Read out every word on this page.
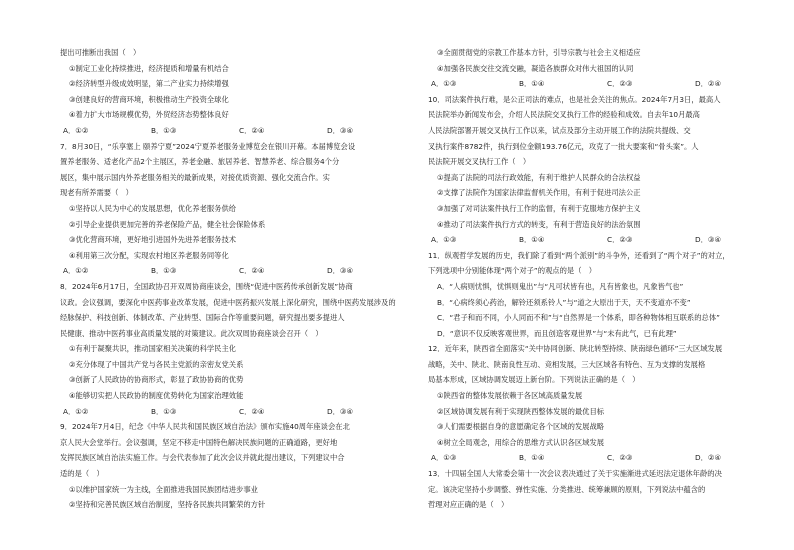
提出可推断出我国（　）
①制定工业化持续推进，经济提质和增量有机结合
②经济转型升级成效明显，第二产业实力持续增强
③创建良好的营商环境，积极推动生产投资全球化
④着力扩大市场规模优势，外贸经济态势整体良好
A．①②	B．①③	C．②④	D．③④
7．8月30日，“乐享塞上 颐养宁夏”2024宁夏养老服务业博览会在银川开幕。本届博览会设
置养老服务、适老化产品2个主展区，养老金融、旅居养老、智慧养老、综合服务4个分
展区，集中展示国内外养老服务相关的最新成果，对接优质资源、强化交流合作。实
现老有所养需要（　）
①坚持以人民为中心的发展思想，优化养老服务供给
②引导企业提供更加完善的养老保险产品，健全社会保险体系
③优化营商环境，更好地引进国外先进养老服务技术
④利用第三次分配，实现农村地区养老服务同等化
A．①②	B．①③	C．②④	D．③④
8．2024年6月17日，全国政协召开双周协商座谈会，围绕“促进中医药传承创新发展”协商
议政。会议强调，要深化中医药事业改革发展，促进中医药振兴发展上深化研究，围绕中医药发展涉及的
经脉保护、科技创新、体制改革、产业转型、国际合作等重要问题，研究提出要多提进人
民健康、推动中医药事业高质量发展的对策建议。此次双周协商座谈会召开（　）
①有利于凝聚共识，推动国家相关决策的科学民主化
②充分体现了中国共产党与各民主党派的亲密友党关系
③创新了人民政协的协商形式，彰显了政协协商的优势
④能够切实把人民政协的制度优势转化为国家治理效能
A．①②	B．①③	C．②④	D．③④
9．2024年7月4日，纪念《中华人民共和国民族区域自治法》颁布实施40周年座谈会在北
京人民大会堂举行。会议强调，坚定不移走中国特色解决民族问题的正确道路，更好地
发挥民族区域自治法实施工作。与会代表参加了此次会议并就此提出建议，下列建议中合
适的是（　）
①以维护国家统一为主线，全面推进我国民族团结进步事业
②坚持和完善民族区域自治制度，坚持各民族共同繁荣的方针
③全面贯彻党的宗教工作基本方针，引导宗教与社会主义相适应
④加强各民族交往交流交融，凝造各族群众对伟大祖国的认同
A．①③	B．①④	C．②③	D．②④
10．司法案件执行难，是公正司法的难点，也是社会关注的焦点。2024年7月3日，最高人
民法院举办新闻发布会，介绍人民法院交叉执行工作的经验和成效。自去年10月最高
人民法院部署开展交叉执行工作以来，试点及部分主动开展工作的法院共提级、交
叉执行案件8782件，执行到位金额193.76亿元，攻克了一批大要案和“骨头案”。人
民法院开展交叉执行工作（　）
①提高了法院的司法行政效能，有利于维护人民群众的合法权益
②支撑了法院作为国家法律监督机关作用，有利于促进司法公正
③加强了对司法案件执行工作的监督，有利于克服地方保护主义
④推动了司法案件执行方式的转变，有利于营造良好的法治氛围
A．①③	B．①④	C．②③	D．③④
11．纵观哲学发展的历史，我们除了看到“两个派别”的斗争外，还看到了“两个对子”的对立，
下列选项中分别能体现“两个对子”的观点的是（　）
A．“人病则忧惧，忧惧则鬼出”与“凡可状皆有也，凡有皆象也，凡象皆气也”
B．“心病终须心药治，解铃还须系铃人”与“道之大原出于天，天不变道亦不变”
C．“君子和而不同，小人同而不和”与“自然界是一个体系，即各种物体相互联系的总体”
D．“意识不仅反映客观世界，而且创造客观世界”与“未有此气，已有此理”
12．近年来，陕西省全面落实“关中协同创新、陕北转型持续、陕南绿色循环”三大区域发展
战略，关中、陕北、陕南良性互动、竞相发展，三大区域各有特色、互为支撑的发展格
局基本形成，区域协调发展迈上新台阶。下列说法正确的是（　）
①陕西省的整体发展依赖于各区域高质量发展
②区域协调发展有利于实现陕西整体发展的最优目标
③人们需要根据自身的意愿确定各个区域的发展战略
④树立全局观念，用综合的思维方式认识各区域发展
A．①③	B．①④	C．②③	D．②④
13．十四届全国人大常委会第十一次会议表决通过了关于实施渐进式延迟法定退休年龄的决
定。该决定坚持小步调整、弹性实施、分类推进、统筹兼顾的原则，下列说法中蕴含的
哲理对应正确的是（　）
